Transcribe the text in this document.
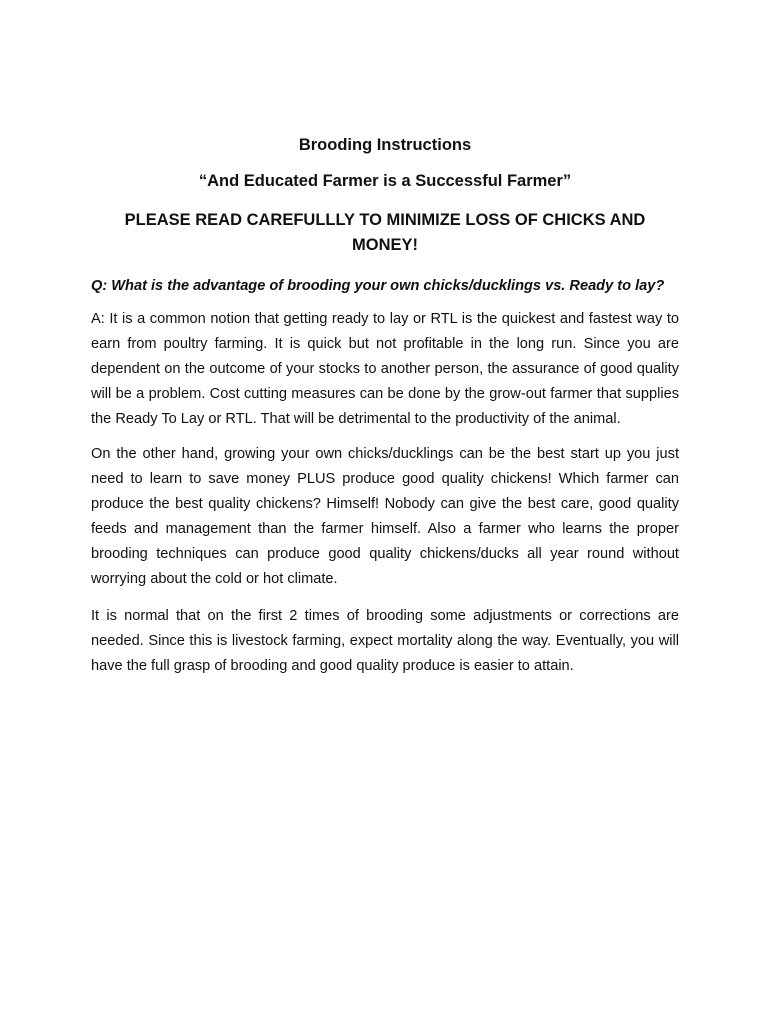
Brooding Instructions
“And Educated Farmer is a Successful Farmer”
PLEASE READ CAREFULLLY TO MINIMIZE LOSS OF CHICKS AND MONEY!
Q: What is the advantage of brooding your own chicks/ducklings vs. Ready to lay?
A: It is a common notion that getting ready to lay or RTL is the quickest and fastest way to earn from poultry farming. It is quick but not profitable in the long run. Since you are dependent on the outcome of your stocks to another person, the assurance of good quality will be a problem. Cost cutting measures can be done by the grow-out farmer that supplies the Ready To Lay or RTL. That will be detrimental to the productivity of the animal.
On the other hand, growing your own chicks/ducklings can be the best start up you just need to learn to save money PLUS produce good quality chickens! Which farmer can produce the best quality chickens? Himself! Nobody can give the best care, good quality feeds and management than the farmer himself. Also a farmer who learns the proper brooding techniques can produce good quality chickens/ducks all year round without worrying about the cold or hot climate.
It is normal that on the first 2 times of brooding some adjustments or corrections are needed. Since this is livestock farming, expect mortality along the way. Eventually, you will have the full grasp of brooding and good quality produce is easier to attain.
